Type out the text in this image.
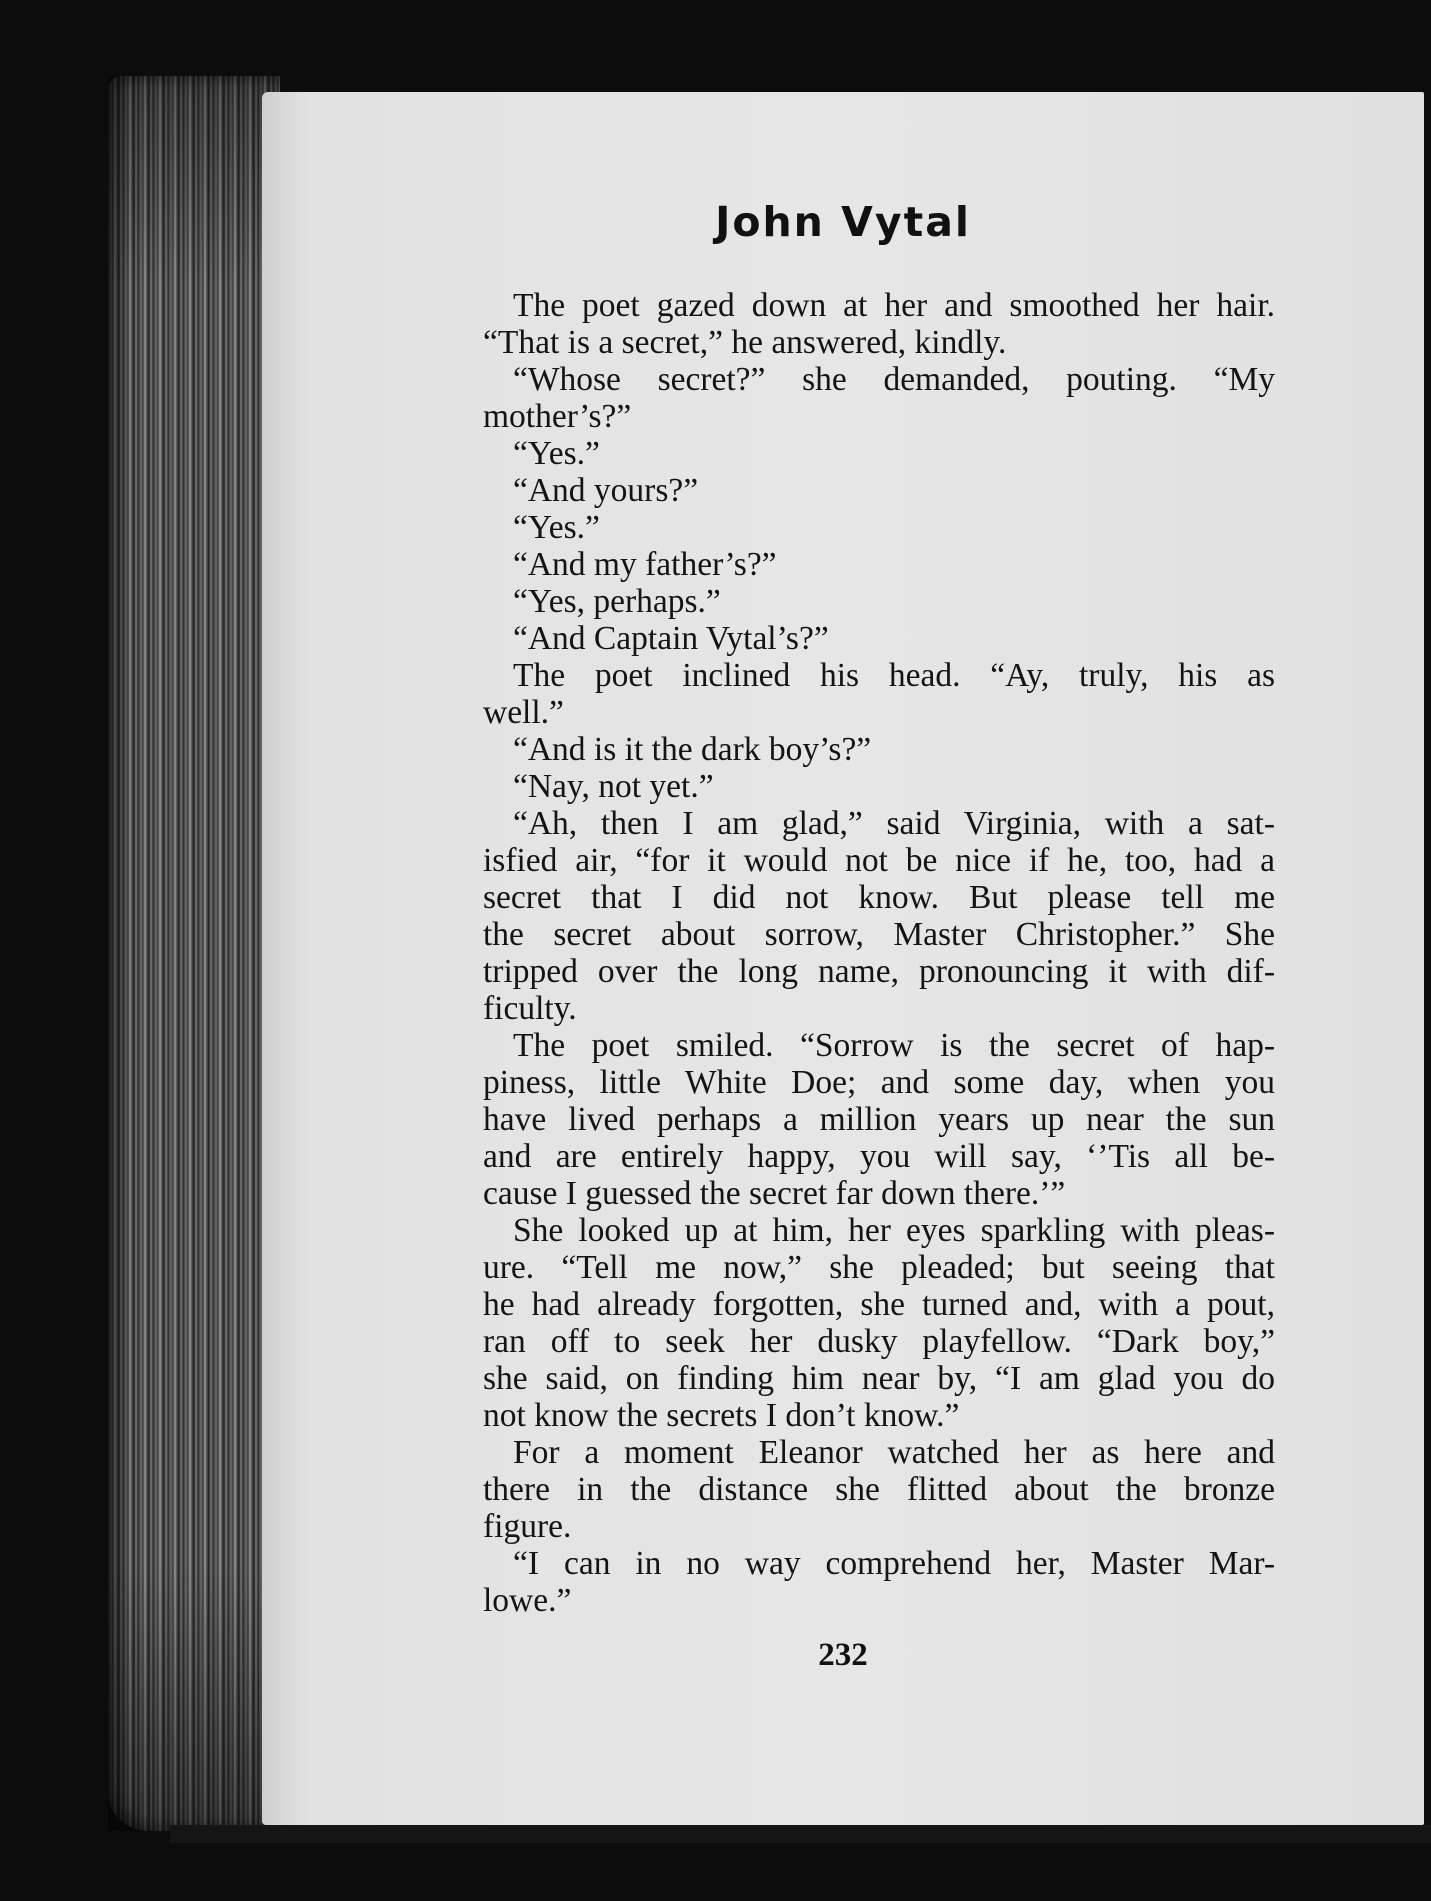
John Vytal
The poet gazed down at her and smoothed her hair.
“That is a secret,” he answered, kindly.
“Whose secret?” she demanded, pouting. “My
mother’s?”
“Yes.”
“And yours?”
“Yes.”
“And my father’s?”
“Yes, perhaps.”
“And Captain Vytal’s?”
The poet inclined his head. “Ay, truly, his as
well.”
“And is it the dark boy’s?”
“Nay, not yet.”
“Ah, then I am glad,” said Virginia, with a sat-
isfied air, “for it would not be nice if he, too, had a
secret that I did not know. But please tell me
the secret about sorrow, Master Christopher.” She
tripped over the long name, pronouncing it with dif-
ficulty.
The poet smiled. “Sorrow is the secret of hap-
piness, little White Doe; and some day, when you
have lived perhaps a million years up near the sun
and are entirely happy, you will say, ‘’Tis all be-
cause I guessed the secret far down there.’”
She looked up at him, her eyes sparkling with pleas-
ure. “Tell me now,” she pleaded; but seeing that
he had already forgotten, she turned and, with a pout,
ran off to seek her dusky playfellow. “Dark boy,”
she said, on finding him near by, “I am glad you do
not know the secrets I don’t know.”
For a moment Eleanor watched her as here and
there in the distance she flitted about the bronze
figure.
“I can in no way comprehend her, Master Mar-
lowe.”
232
